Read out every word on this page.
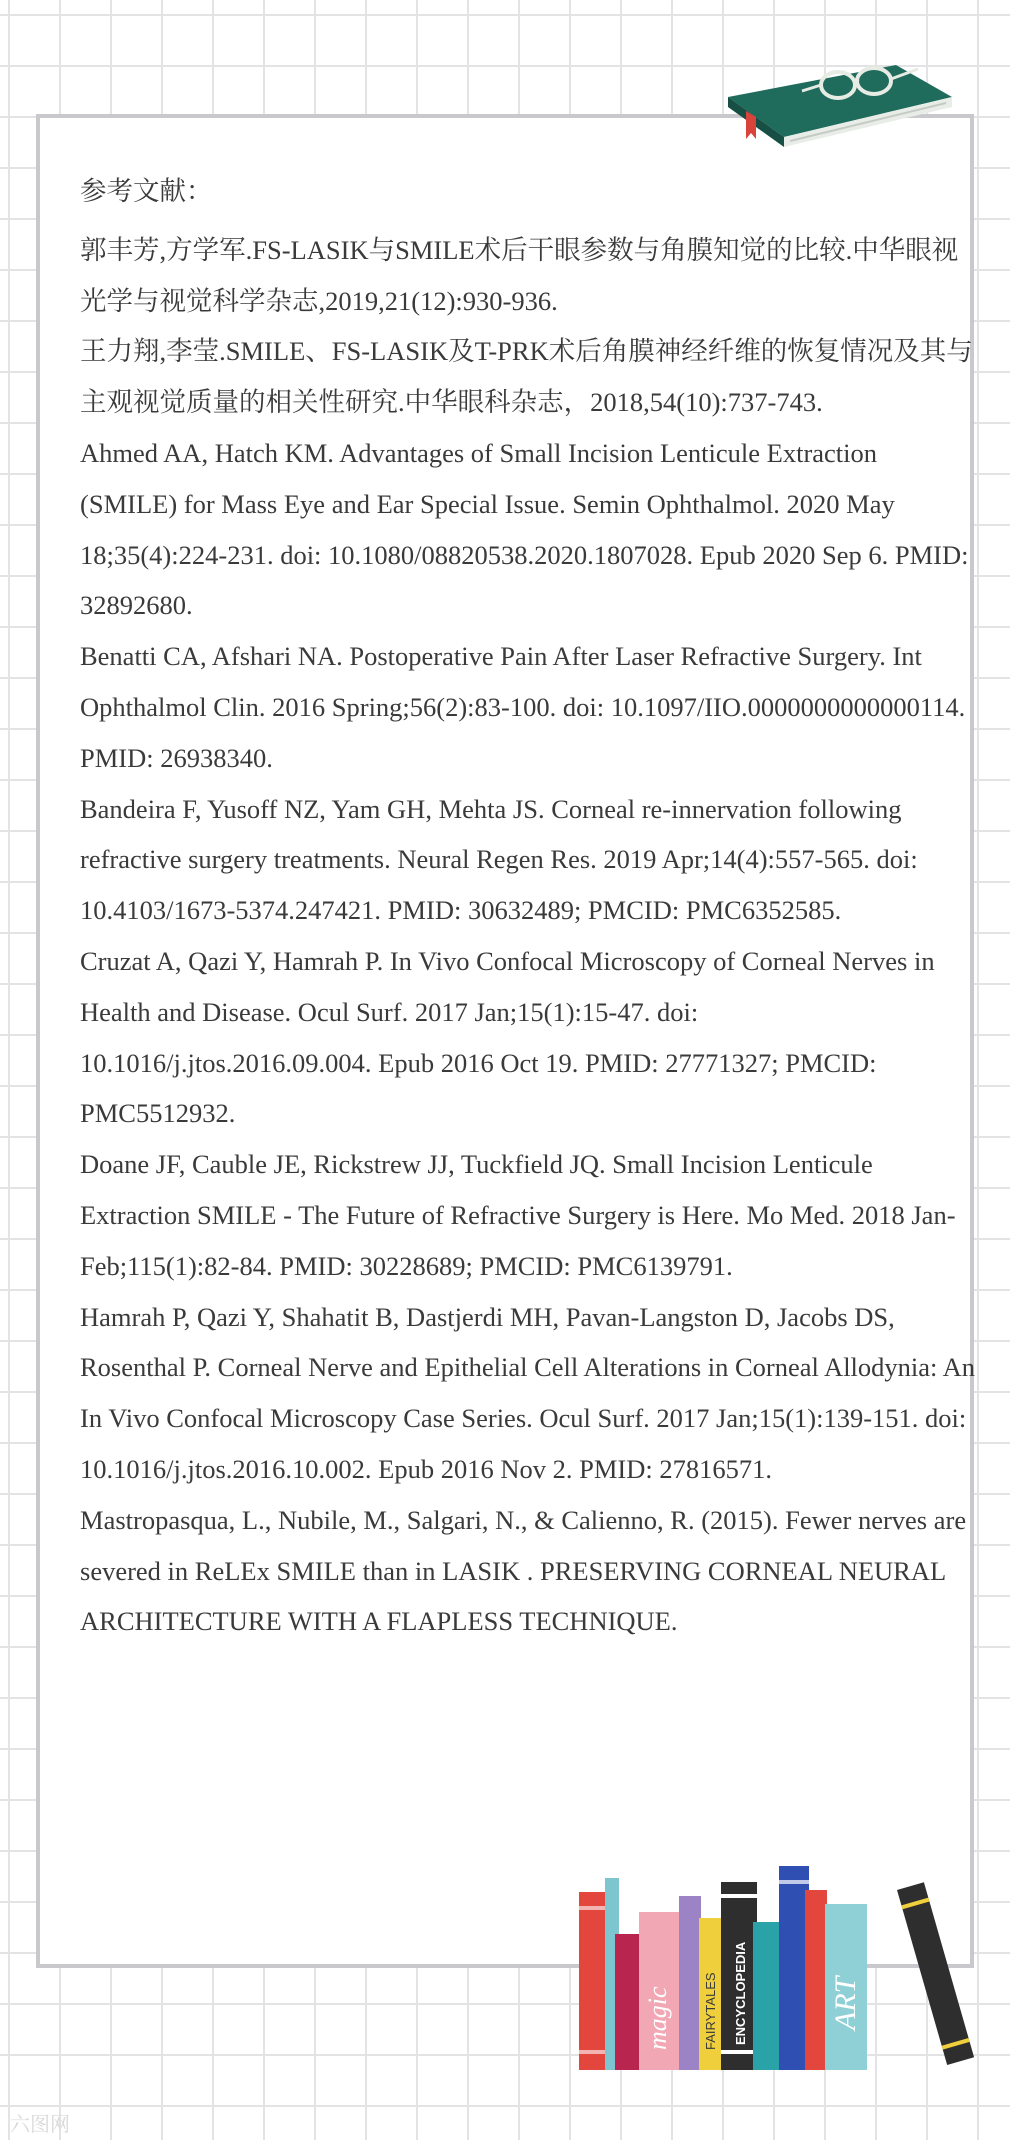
参考文献：

郭丰芳,方学军.FS-LASIK与SMILE术后干眼参数与角膜知觉的比较.中华眼视光学与视觉科学杂志,2019,21(12):930-936.

王力翔,李莹.SMILE、FS-LASIK及T-PRK术后角膜神经纤维的恢复情况及其与主观视觉质量的相关性研究.中华眼科杂志，2018,54(10):737-743.

Ahmed AA, Hatch KM. Advantages of Small Incision Lenticule Extraction (SMILE) for Mass Eye and Ear Special Issue. Semin Ophthalmol. 2020 May 18;35(4):224-231. doi: 10.1080/08820538.2020.1807028. Epub 2020 Sep 6. PMID: 32892680.

Benatti CA, Afshari NA. Postoperative Pain After Laser Refractive Surgery. Int Ophthalmol Clin. 2016 Spring;56(2):83-100. doi: 10.1097/IIO.0000000000000114. PMID: 26938340.

Bandeira F, Yusoff NZ, Yam GH, Mehta JS. Corneal re-innervation following refractive surgery treatments. Neural Regen Res. 2019 Apr;14(4):557-565. doi: 10.4103/1673-5374.247421. PMID: 30632489; PMCID: PMC6352585.

Cruzat A, Qazi Y, Hamrah P. In Vivo Confocal Microscopy of Corneal Nerves in Health and Disease. Ocul Surf. 2017 Jan;15(1):15-47. doi: 10.1016/j.jtos.2016.09.004. Epub 2016 Oct 19. PMID: 27771327; PMCID: PMC5512932.

Doane JF, Cauble JE, Rickstrew JJ, Tuckfield JQ. Small Incision Lenticule Extraction SMILE - The Future of Refractive Surgery is Here. Mo Med. 2018 Jan-Feb;115(1):82-84. PMID: 30228689; PMCID: PMC6139791.

Hamrah P, Qazi Y, Shahatit B, Dastjerdi MH, Pavan-Langston D, Jacobs DS, Rosenthal P. Corneal Nerve and Epithelial Cell Alterations in Corneal Allodynia: An In Vivo Confocal Microscopy Case Series. Ocul Surf. 2017 Jan;15(1):139-151. doi: 10.1016/j.jtos.2016.10.002. Epub 2016 Nov 2. PMID: 27816571.

Mastropasqua, L., Nubile, M., Salgari, N., & Calienno, R. (2015). Fewer nerves are severed in ReLEx SMILE than in LASIK . PRESERVING CORNEAL NEURAL ARCHITECTURE WITH A FLAPLESS TECHNIQUE.

magic FAIRYTALES ENCYCLOPEDIA	ART
六图网
